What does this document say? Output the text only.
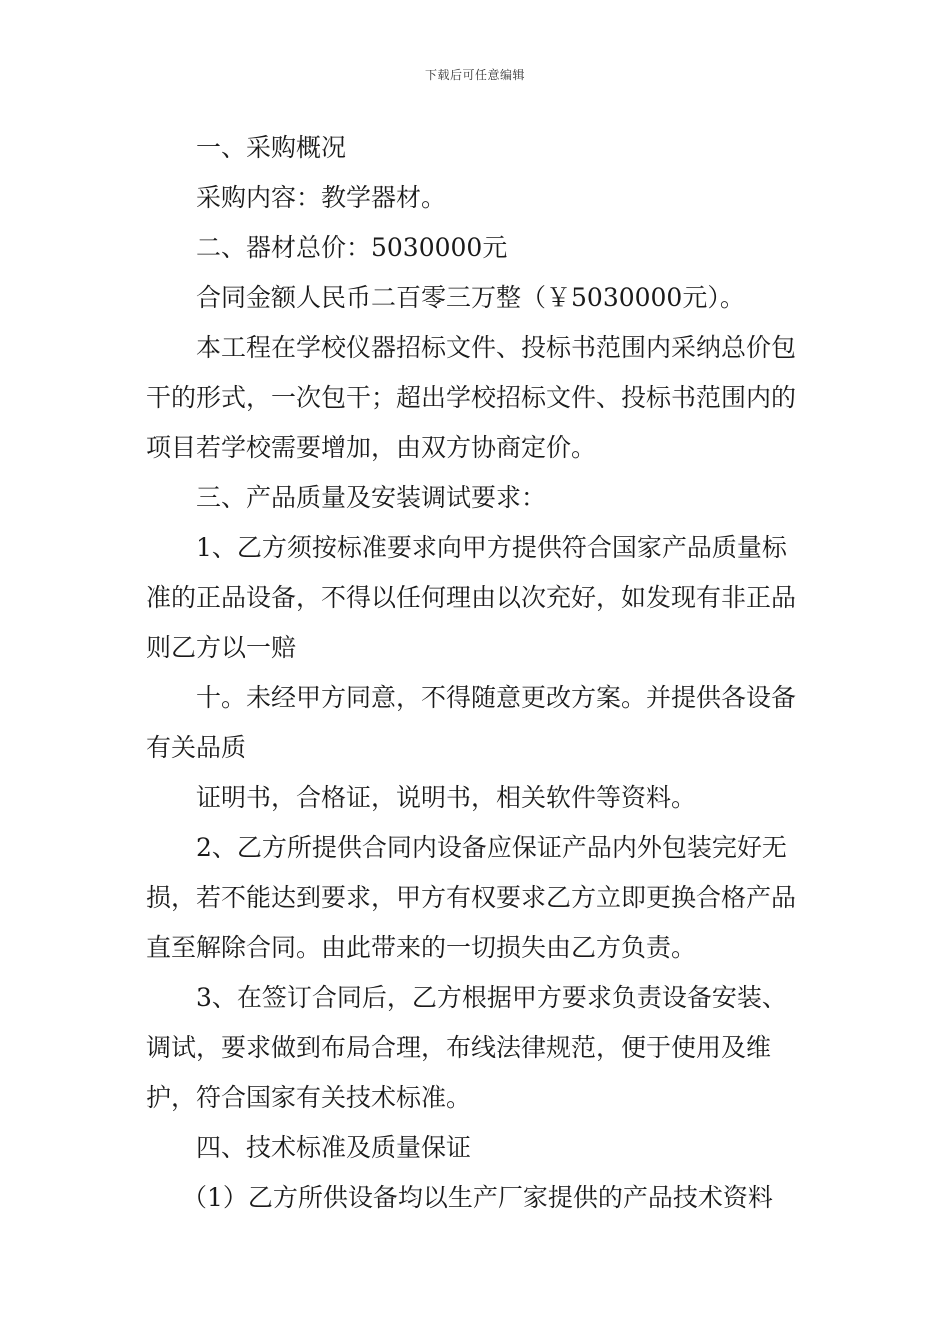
下载后可任意编辑

一、采购概况

采购内容：教学器材。

二、器材总价：5030000元

合同金额人民币二百零三万整（￥5030000元）。

本工程在学校仪器招标文件、投标书范围内采纳总价包干的形式，一次包干；超出学校招标文件、投标书范围内的项目若学校需要增加，由双方协商定价。

三、产品质量及安装调试要求：

1、乙方须按标准要求向甲方提供符合国家产品质量标准的正品设备，不得以任何理由以次充好，如发现有非正品则乙方以一赔

十。未经甲方同意，不得随意更改方案。并提供各设备有关品质

证明书，合格证，说明书，相关软件等资料。

2、乙方所提供合同内设备应保证产品内外包装完好无损，若不能达到要求，甲方有权要求乙方立即更换合格产品直至解除合同。由此带来的一切损失由乙方负责。

3、在签订合同后，乙方根据甲方要求负责设备安装、调试，要求做到布局合理，布线法律规范，便于使用及维护，符合国家有关技术标准。

四、技术标准及质量保证

（1）乙方所供设备均以生产厂家提供的产品技术资料
